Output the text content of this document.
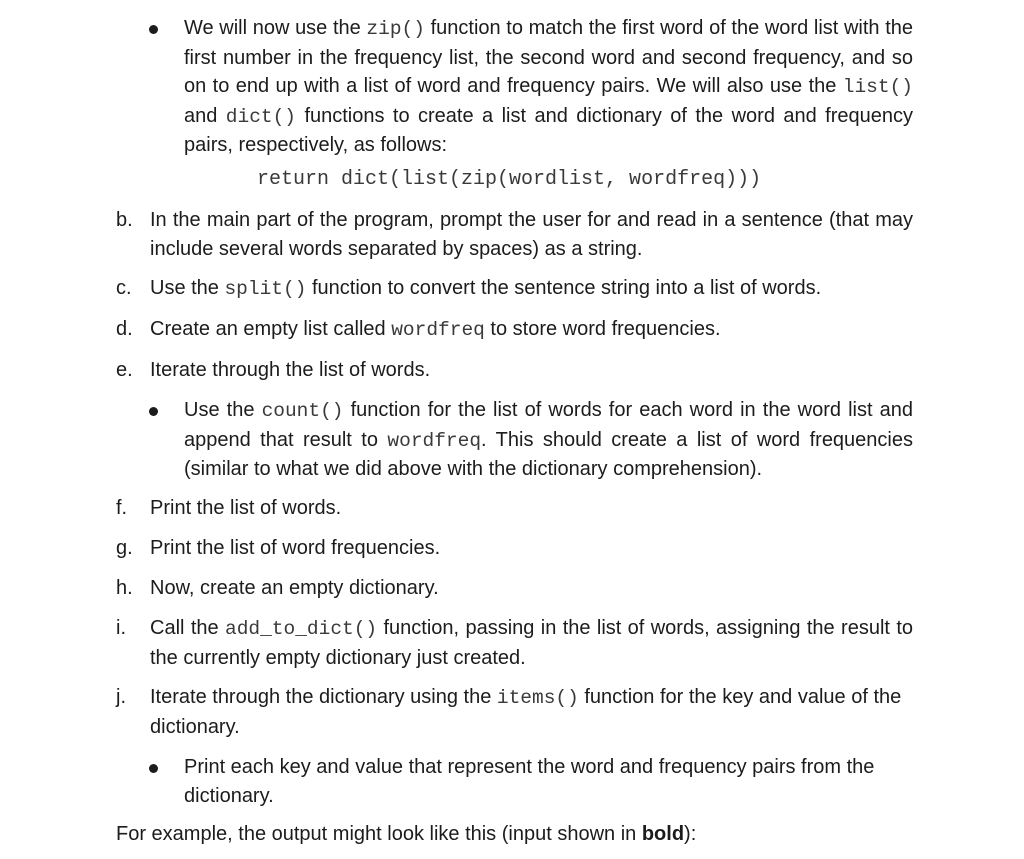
We will now use the zip() function to match the first word of the word list with the first number in the frequency list, the second word and second frequency, and so on to end up with a list of word and frequency pairs. We will also use the list() and dict() functions to create a list and dictionary of the word and frequency pairs, respectively, as follows:

return dict(list(zip(wordlist, wordfreq)))

b. In the main part of the program, prompt the user for and read in a sentence (that may include several words separated by spaces) as a string.

c. Use the split() function to convert the sentence string into a list of words.

d. Create an empty list called wordfreq to store word frequencies.

e. Iterate through the list of words.

Use the count() function for the list of words for each word in the word list and append that result to wordfreq. This should create a list of word frequencies (similar to what we did above with the dictionary comprehension).

f. Print the list of words.

g. Print the list of word frequencies.

h. Now, create an empty dictionary.

i. Call the add_to_dict() function, passing in the list of words, assigning the result to the currently empty dictionary just created.

j. Iterate through the dictionary using the items() function for the key and value of the dictionary.

Print each key and value that represent the word and frequency pairs from the dictionary.

For example, the output might look like this (input shown in bold):
